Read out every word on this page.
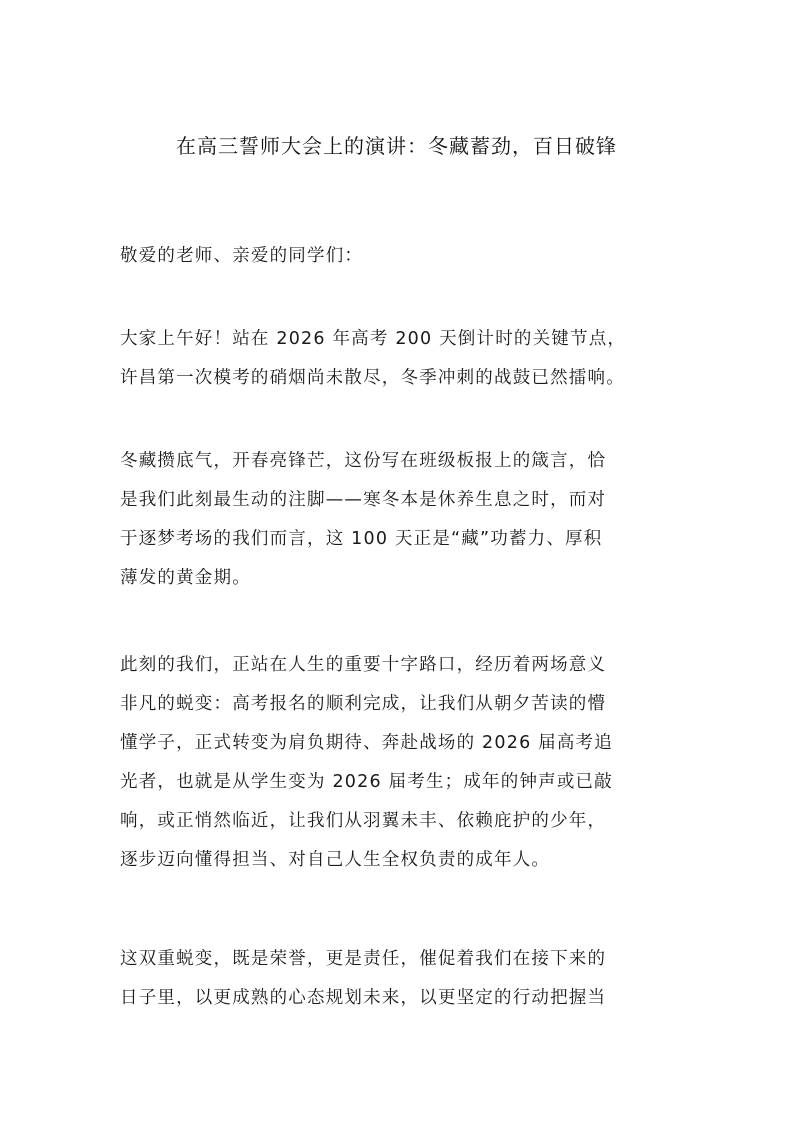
在高三誓师大会上的演讲：冬藏蓄劲，百日破锋
敬爱的老师、亲爱的同学们：
大家上午好！站在 2026 年高考 200 天倒计时的关键节点，
许昌第一次模考的硝烟尚未散尽，冬季冲刺的战鼓已然擂响。
冬藏攒底气，开春亮锋芒，这份写在班级板报上的箴言，恰
是我们此刻最生动的注脚——寒冬本是休养生息之时，而对
于逐梦考场的我们而言，这 100 天正是“藏”功蓄力、厚积
薄发的黄金期。
此刻的我们，正站在人生的重要十字路口，经历着两场意义
非凡的蜕变：高考报名的顺利完成，让我们从朝夕苦读的懵
懂学子，正式转变为肩负期待、奔赴战场的 2026 届高考追
光者，也就是从学生变为 2026 届考生；成年的钟声或已敲
响，或正悄然临近，让我们从羽翼未丰、依赖庇护的少年，
逐步迈向懂得担当、对自己人生全权负责的成年人。
这双重蜕变，既是荣誉，更是责任，催促着我们在接下来的
日子里，以更成熟的心态规划未来，以更坚定的行动把握当
